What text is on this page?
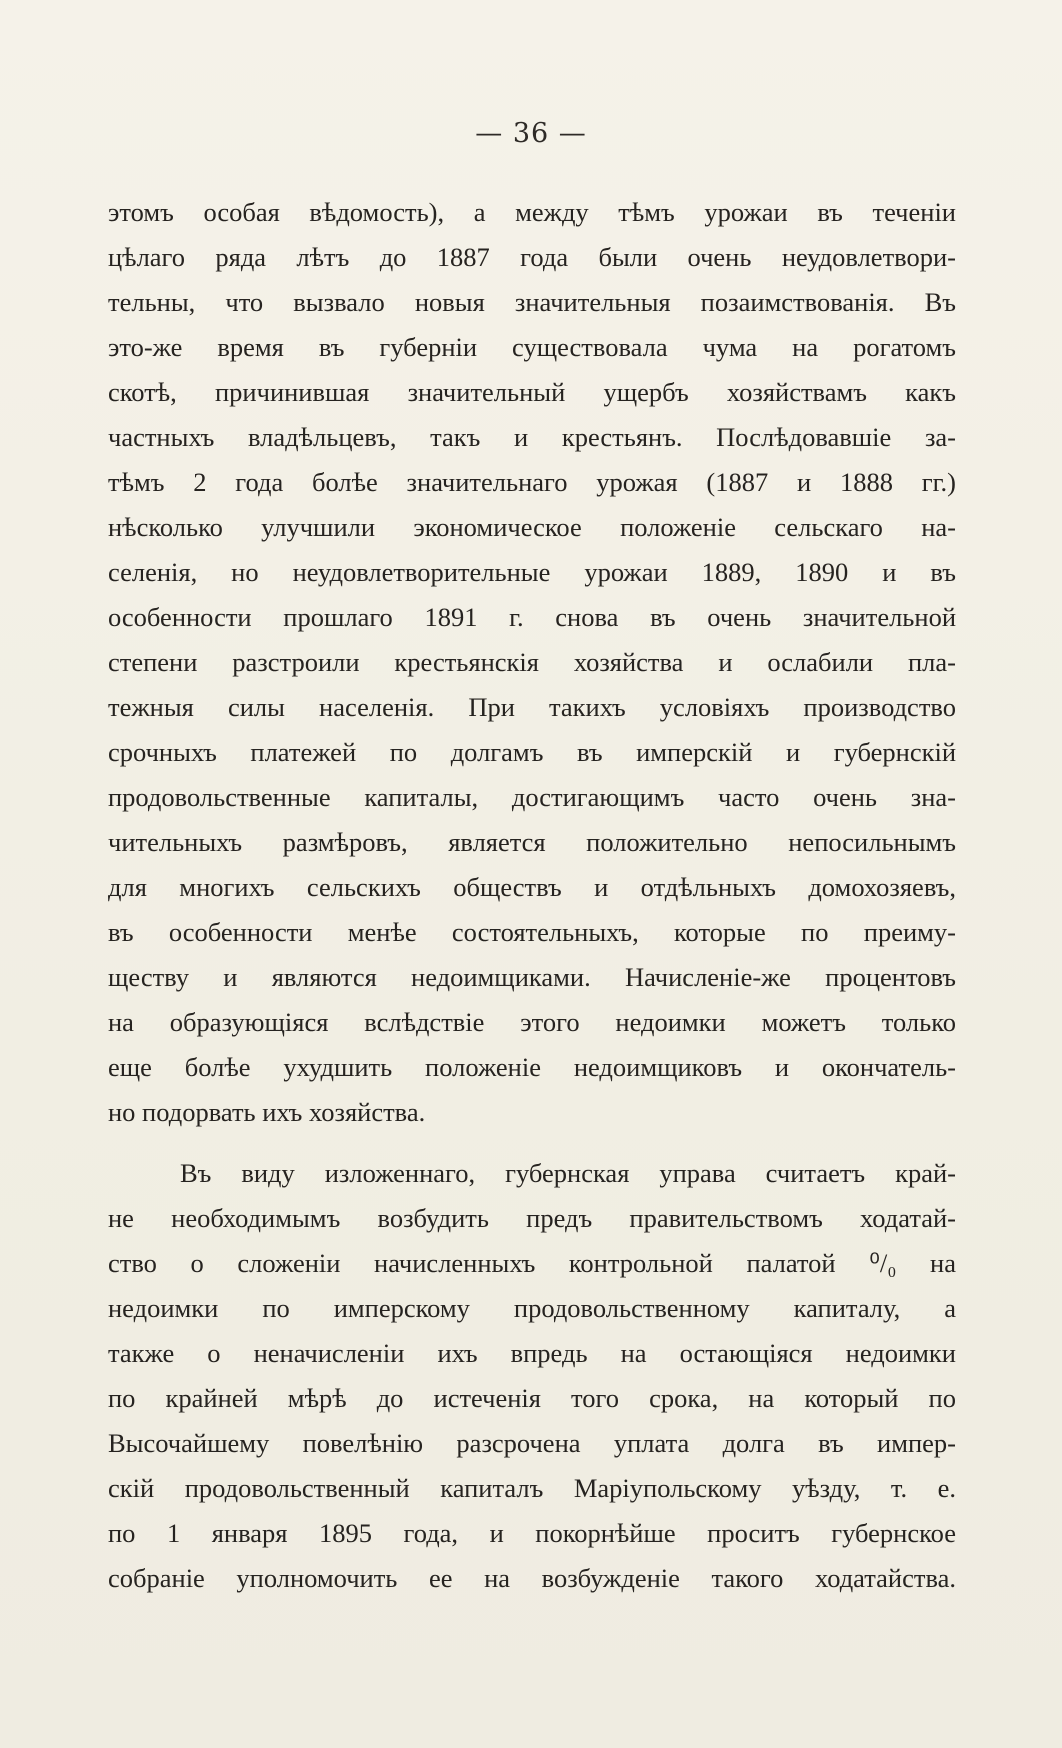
— 36 —
этомъ особая вѣдомость), а между тѣмъ урожаи въ теченіи
цѣлаго ряда лѣтъ до 1887 года были очень неудовлетвори-
тельны, что вызвало новыя значительныя позаимствованія. Въ
это-же время въ губерніи существовала чума на рогатомъ
скотѣ, причинившая значительный ущербъ хозяйствамъ какъ
частныхъ владѣльцевъ, такъ и крестьянъ. Послѣдовавшіе за-
тѣмъ 2 года болѣе значительнаго урожая (1887 и 1888 гг.)
нѣсколько улучшили экономическое положеніе сельскаго на-
селенія, но неудовлетворительные урожаи 1889, 1890 и въ
особенности прошлаго 1891 г. снова въ очень значительной
степени разстроили крестьянскія хозяйства и ослабили пла-
тежныя силы населенія. При такихъ условіяхъ производство
срочныхъ платежей по долгамъ въ имперскій и губернскій
продовольственные капиталы, достигающимъ часто очень зна-
чительныхъ размѣровъ, является положительно непосильнымъ
для многихъ сельскихъ обществъ и отдѣльныхъ домохозяевъ,
въ особенности менѣе состоятельныхъ, которые по преиму-
ществу и являются недоимщиками. Начисленіе-же процентовъ
на образующіяся вслѣдствіе этого недоимки можетъ только
еще болѣе ухудшить положеніе недоимщиковъ и окончатель-
но подорвать ихъ хозяйства.
Въ виду изложеннаго, губернская управа считаетъ край-
не необходимымъ возбудить предъ правительствомъ ходатай-
ство о сложеніи начисленныхъ контрольной палатой ⁰/₀ на
недоимки по имперскому продовольственному капиталу, а
также о неначисленіи ихъ впредь на остающіяся недоимки
по крайней мѣрѣ до истеченія того срока, на который по
Высочайшему повелѣнію разсрочена уплата долга въ импер-
скій продовольственный капиталъ Маріупольскому уѣзду, т. е.
по 1 января 1895 года, и покорнѣйше проситъ губернское
собраніе уполномочить ее на возбужденіе такого ходатайства.
